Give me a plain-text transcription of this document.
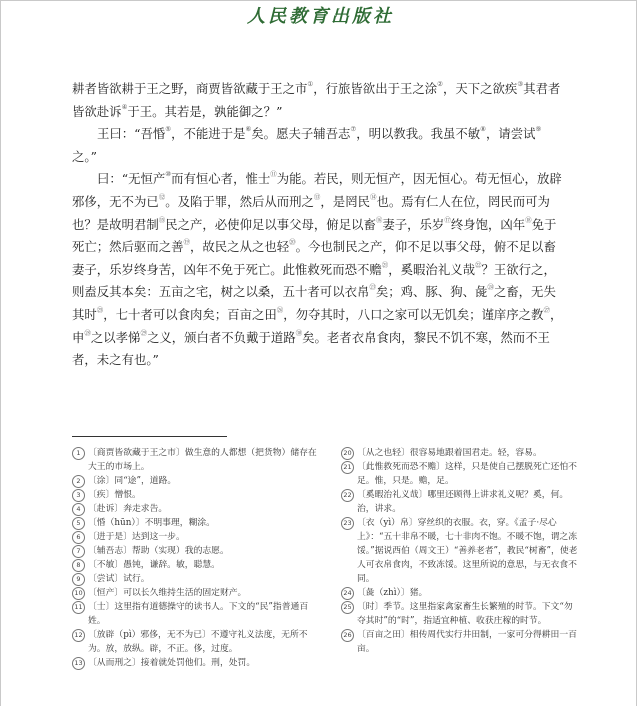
人民教育出版社

耕者皆欲耕于王之野，商贾皆欲藏于王之市①，行旅皆欲出于王之涂②，天下之欲疾③其君者皆欲赴诉④于王。其若是，孰能御之？”

王曰：“吾惛⑤，不能进于是⑥矣。愿夫子辅吾志⑦，明以教我。我虽不敏⑧，请尝试⑨之。”

曰：“无恒产⑩而有恒心者，惟士⑪为能。若民，则无恒产，因无恒心。苟无恒心，放辟邪侈，无不为已⑫。及陷于罪，然后从而刑之⑬，是罔民⑭也。焉有仁人在位，罔民而可为也？是故明君制⑮民之产，必使仰足以事父母，俯足以畜⑯妻子，乐岁⑰终身饱，凶年⑱免于死亡；然后驱而之善⑲，故民之从之也轻⑳。今也制民之产，仰不足以事父母，俯不足以畜妻子，乐岁终身苦，凶年不免于死亡。此惟救死而恐不赡$^㉑$，奚暇治礼义哉$^㉒$？王欲行之，则盍反其本矣：五亩之宅，树之以桑，五十者可以衣帛$^㉓$矣；鸡、豚、狗、彘$^㉔$之畜，无失其时$^㉕$，七十者可以食肉矣；百亩之田$^㉖$，勿夺其时，八口之家可以无饥矣；谨庠序之教$^㉗$，申$^㉘$之以孝悌$^㉙$之义，颁白者不负戴于道路$^㉚$矣。老者衣帛食肉，黎民不饥不寒，然而不王者，未之有也。”

1 〔商贾皆欲藏于王之市〕做生意的人都想（把货物）储存在大王的市场上。
2 〔涂〕同“途”，道路。
3 〔疾〕憎恨。
4 〔赴诉〕奔走求告。
5 〔惛（hūn）〕不明事理，糊涂。
6 〔进于是〕达到这一步。
7 〔辅吾志〕帮助（实现）我的志愿。
8 〔不敏〕愚钝，谦辞。敏，聪慧。
9 〔尝试〕试行。
10 〔恒产〕可以长久维持生活的固定财产。
11 〔士〕这里指有道德操守的读书人。下文的“民”指普通百姓。
12 〔放辟（pì）邪侈，无不为已〕不遵守礼义法度，无所不为。放，放纵。辟，不正。侈，过度。
13 〔从而刑之〕接着就处罚他们。刑，处罚。
20 〔从之也轻〕很容易地跟着国君走。轻，容易。
21 〔此惟救死而恐不赡〕这样，只是使自己摆脱死亡还怕不足。惟，只是。赡，足。
22 〔奚暇治礼义哉〕哪里还顾得上讲求礼义呢？奚，何。治，讲求。
23 〔衣（yì）帛〕穿丝织的衣服。衣，穿。《孟子·尽心上》：“五十非帛不暖，七十非肉不饱。不暖不饱，谓之冻馁。”据说西伯（周文王）“善养老者”，教民“树畜”，使老人可衣帛食肉，不致冻馁。这里所说的意思，与无衣食不同。
24 〔彘（zhì）〕猪。
25 〔时〕季节。这里指家禽家畜生长繁殖的时节。下文“勿夺其时”的“时”，指适宜种植、收获庄稼的时节。
26 〔百亩之田〕相传周代实行井田制，一家可分得耕田一百亩。
